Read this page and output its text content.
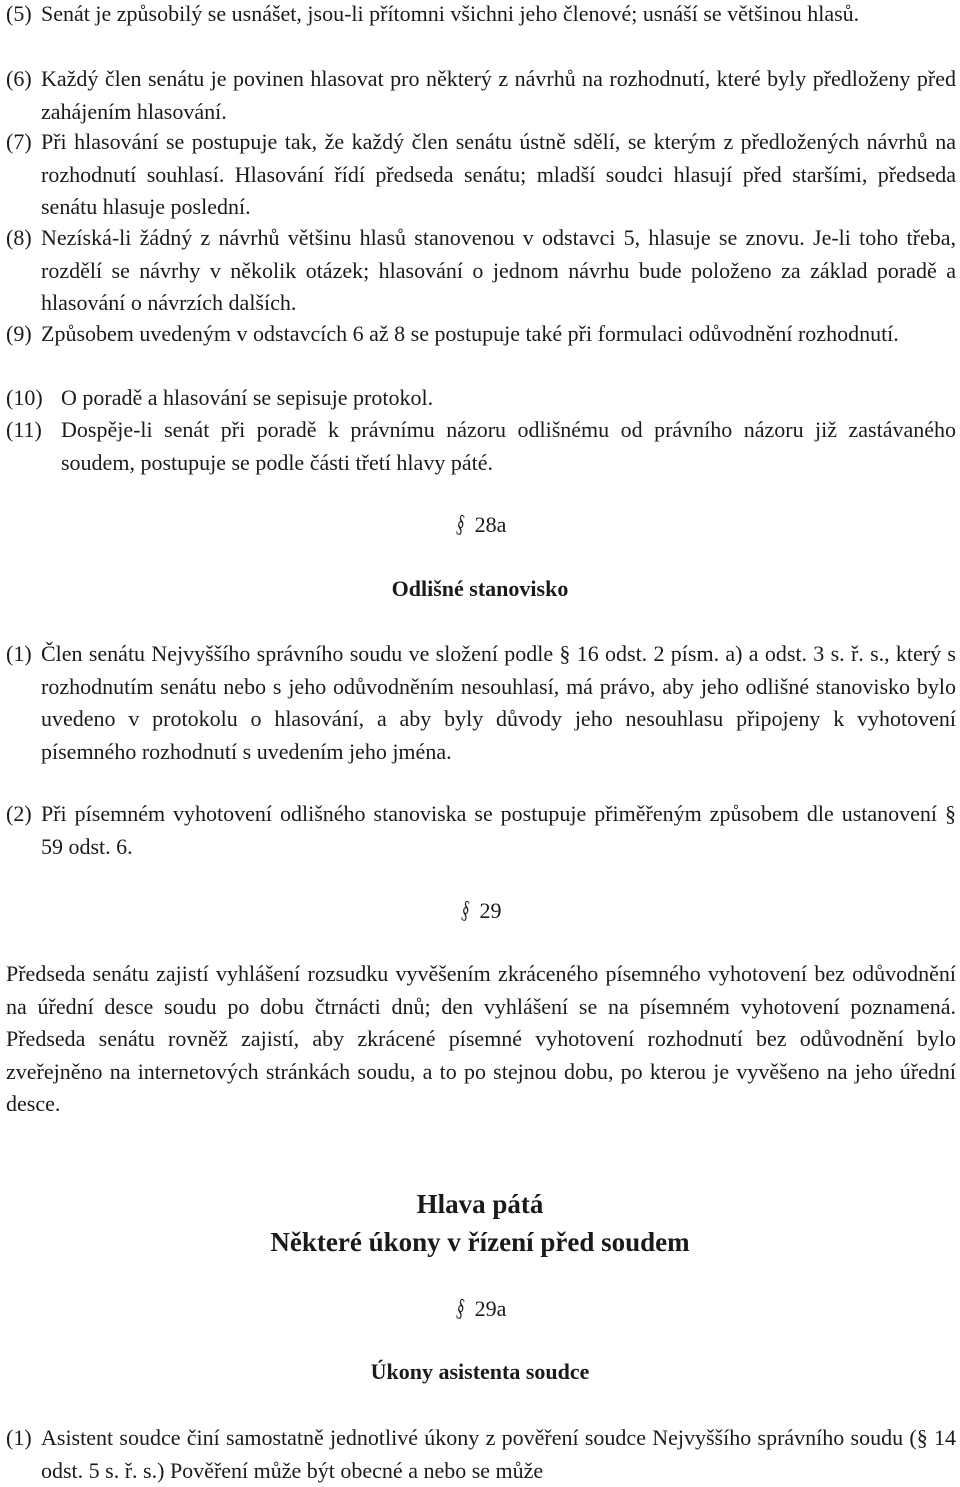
(5) Senát je způsobilý se usnášet, jsou-li přítomni všichni jeho členové; usnáší se většinou hlasů.
(6) Každý člen senátu je povinen hlasovat pro některý z návrhů na rozhodnutí, které byly předloženy před zahájením hlasování.
(7) Při hlasování se postupuje tak, že každý člen senátu ústně sdělí, se kterým z předložených návrhů na rozhodnutí souhlasí. Hlasování řídí předseda senátu; mladší soudci hlasují před staršími, předseda senátu hlasuje poslední.
(8) Nezíská-li žádný z návrhů většinu hlasů stanovenou v odstavci 5, hlasuje se znovu. Je-li toho třeba, rozdělí se návrhy v několik otázek; hlasování o jednom návrhu bude položeno za základ poradě a hlasování o návrzích dalších.
(9) Způsobem uvedeným v odstavcích 6 až 8 se postupuje také při formulaci odůvodnění rozhodnutí.
(10) O poradě a hlasování se sepisuje protokol.
(11) Dospěje-li senát při poradě k právnímu názoru odlišnému od právního názoru již zastávaného soudem, postupuje se podle části třetí hlavy páté.
§ 28a
Odlišné stanovisko
(1) Člen senátu Nejvyššího správního soudu ve složení podle § 16 odst. 2 písm. a) a odst. 3 s. ř. s., který s rozhodnutím senátu nebo s jeho odůvodněním nesouhlasí, má právo, aby jeho odlišné stanovisko bylo uvedeno v protokolu o hlasování, a aby byly důvody jeho nesouhlasu připojeny k vyhotovení písemného rozhodnutí s uvedením jeho jména.
(2) Při písemném vyhotovení odlišného stanoviska se postupuje přiměřeným způsobem dle ustanovení § 59 odst. 6.
§ 29

Předseda senátu zajistí vyhlášení rozsudku vyvěšením zkráceného písemného vyhotovení bez odůvodnění na úřední desce soudu po dobu čtrnácti dnů; den vyhlášení se na písemném vyhotovení poznamená. Předseda senátu rovněž zajistí, aby zkrácené písemné vyhotovení rozhodnutí bez odůvodnění bylo zveřejněno na internetových stránkách soudu, a to po stejnou dobu, po kterou je vyvěšeno na jeho úřední desce.

Hlava pátá
Některé úkony v řízení před soudem
§ 29a
Úkony asistenta soudce
(1) Asistent soudce činí samostatně jednotlivé úkony z pověření soudce Nejvyššího správního soudu (§ 14 odst. 5 s. ř. s.) Pověření může být obecné a nebo se může
